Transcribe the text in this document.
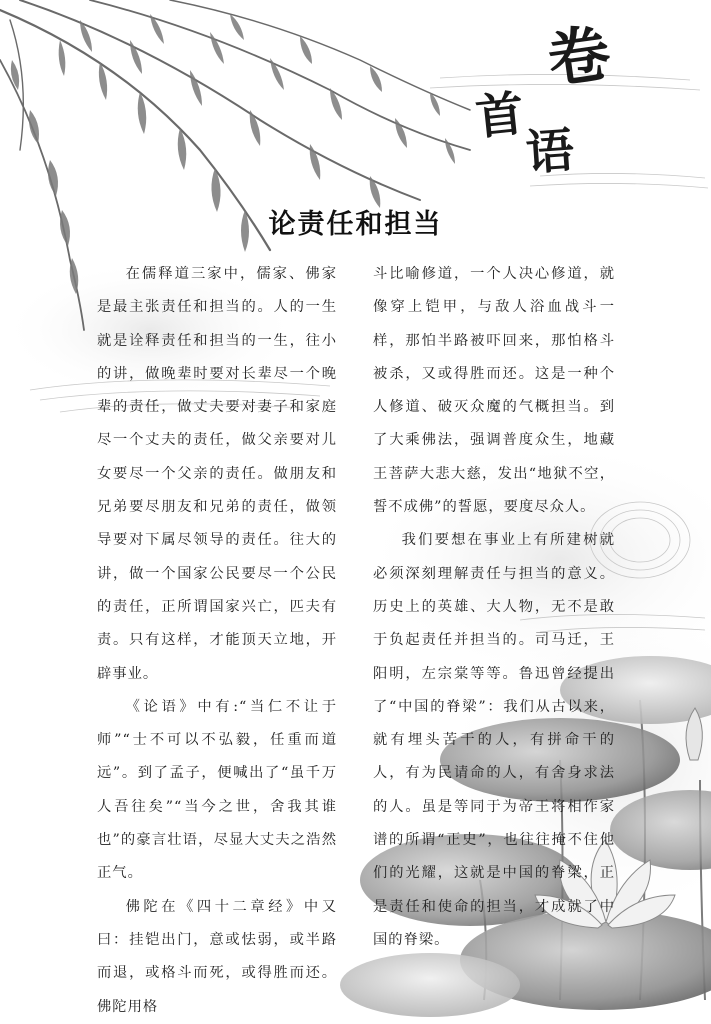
卷
首
语
论责任和担当

在儒释道三家中，儒家、佛家是最主张责任和担当的。人的一生就是诠释责任和担当的一生，往小的讲，做晚辈时要对长辈尽一个晚辈的责任，做丈夫要对妻子和家庭尽一个丈夫的责任，做父亲要对儿女要尽一个父亲的责任。做朋友和兄弟要尽朋友和兄弟的责任，做领导要对下属尽领导的责任。往大的讲，做一个国家公民要尽一个公民的责任，正所谓国家兴亡，匹夫有责。只有这样，才能顶天立地，开辟事业。

《论语》中有:“当仁不让于师”“士不可以不弘毅，任重而道远”。到了孟子，便喊出了“虽千万人吾往矣”“当今之世，舍我其谁也”的豪言壮语，尽显大丈夫之浩然正气。

佛陀在《四十二章经》中又曰：挂铠出门，意或怯弱，或半路而退，或格斗而死，或得胜而还。佛陀用格

斗比喻修道，一个人决心修道，就像穿上铠甲，与敌人浴血战斗一样，那怕半路被吓回来，那怕格斗被杀，又或得胜而还。这是一种个人修道、破灭众魔的气概担当。到了大乘佛法，强调普度众生，地藏王菩萨大悲大慈，发出“地狱不空，誓不成佛”的誓愿，要度尽众人。

我们要想在事业上有所建树就必须深刻理解责任与担当的意义。历史上的英雄、大人物，无不是敢于负起责任并担当的。司马迁，王阳明，左宗棠等等。鲁迅曾经提出了“中国的脊梁”：我们从古以来，就有埋头苦干的人，有拼命干的人，有为民请命的人，有舍身求法的人。虽是等同于为帝王将相作家谱的所谓“正史”，也往往掩不住他们的光耀，这就是中国的脊梁，正是责任和使命的担当，才成就了中国的脊梁。
